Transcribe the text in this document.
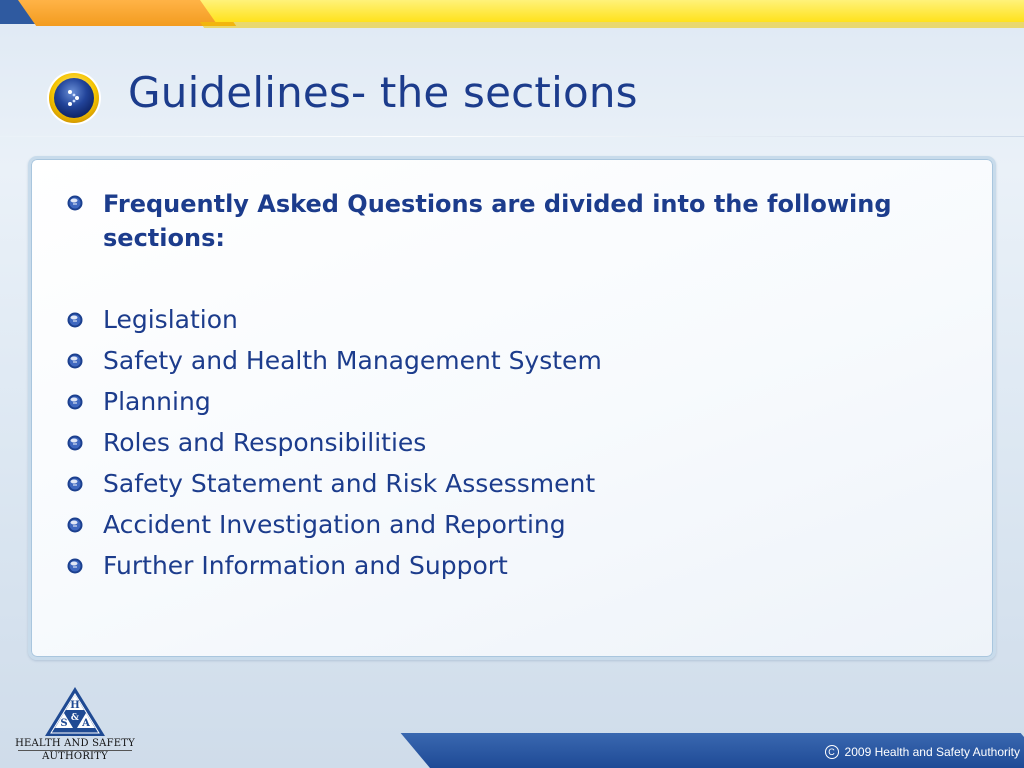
Guidelines- the sections
Frequently Asked Questions are divided into the following sections:
Legislation
Safety and Health Management System
Planning
Roles and Responsibilities
Safety Statement and Risk Assessment
Accident Investigation and Reporting
Further Information and Support
H
S & A
HEALTH AND SAFETY
AUTHORITY	C 2009 Health and Safety Authority
